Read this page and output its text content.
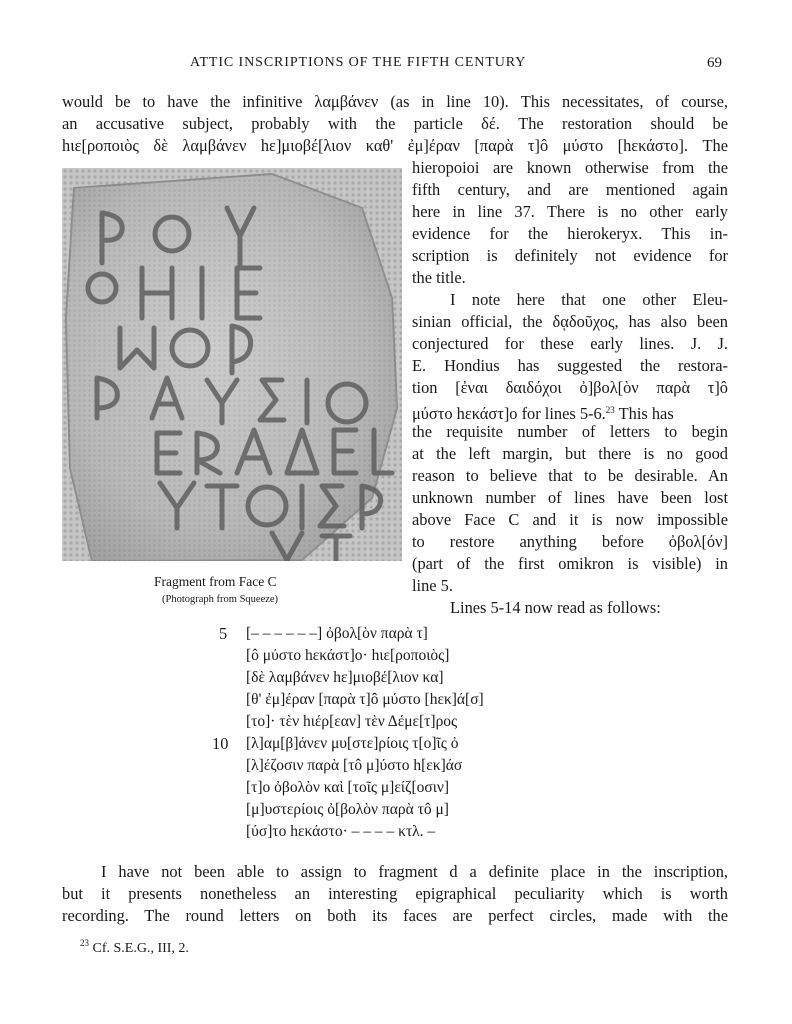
ATTIC INSCRIPTIONS OF THE FIFTH CENTURY	69
would be to have the infinitive λαμβάνεν (as in line 10). This necessitates, of course,
an accusative subject, probably with the particle δέ. The restoration should be
hιε[ροποιὸς δὲ λαμβάνεν hε]μιοβέ[λιον καθ' ἐμ]έραν [παρὰ τ]ô μύστο [hεκάστο]. The
Fragment from Face C
(Photograph from Squeeze)
hieropoioi are known otherwise from the
fifth century, and are mentioned again
here in line 37. There is no other early
evidence for the hierokeryx. This in-
scription is definitely not evidence for
the title.
I note here that one other Eleu-
sinian official, the δᾳδοῦχος, has also been
conjectured for these early lines. J. J.
E. Hondius has suggested the restora-
tion [ἐναι δαιδόχοι ὀ]βολ[ὸν παρὰ τ]ô
μύστο hεκάστ]ο for lines 5-6.23 This has
the requisite number of letters to begin
at the left margin, but there is no good
reason to believe that to be desirable. An
unknown number of lines have been lost
above Face C and it is now impossible
to restore anything before ὀβολ[όν]
(part of the first omikron is visible) in
line 5.
Lines 5-14 now read as follows:
5
10
[– – – – – –] ὀβολ[ὸν παρὰ τ]
[ô μύστο hεκάστ]ο· hιε[ροποιὸς]
[δὲ λαμβάνεν hε]μιοβέ[λιον κα]
[θ' ἐμ]έραν [παρὰ τ]ô μύστο [hεκ]ά[σ]
[το]· τὲν hιέρ[εαν] τὲν Δέμε[τ]ρος
[λ]αμ[β]άνεν μυ[στε]ρίοις τ[ο]ῖς ὀ
[λ]έζοσιν παρὰ [τô μ]ύστο h[εκ]άσ
[τ]ο ὀβολὸν καὶ [τοῖς μ]είζ[οσιν]
[μ]υστερίοις ὀ[βολὸν παρὰ τô μ]
[ύσ]το hεκάστο· – – – – κτλ. –
I have not been able to assign to fragment d a definite place in the inscription,
but it presents nonetheless an interesting epigraphical peculiarity which is worth
recording. The round letters on both its faces are perfect circles, made with the
$^{23}$ Cf. S.E.G., III, 2.
